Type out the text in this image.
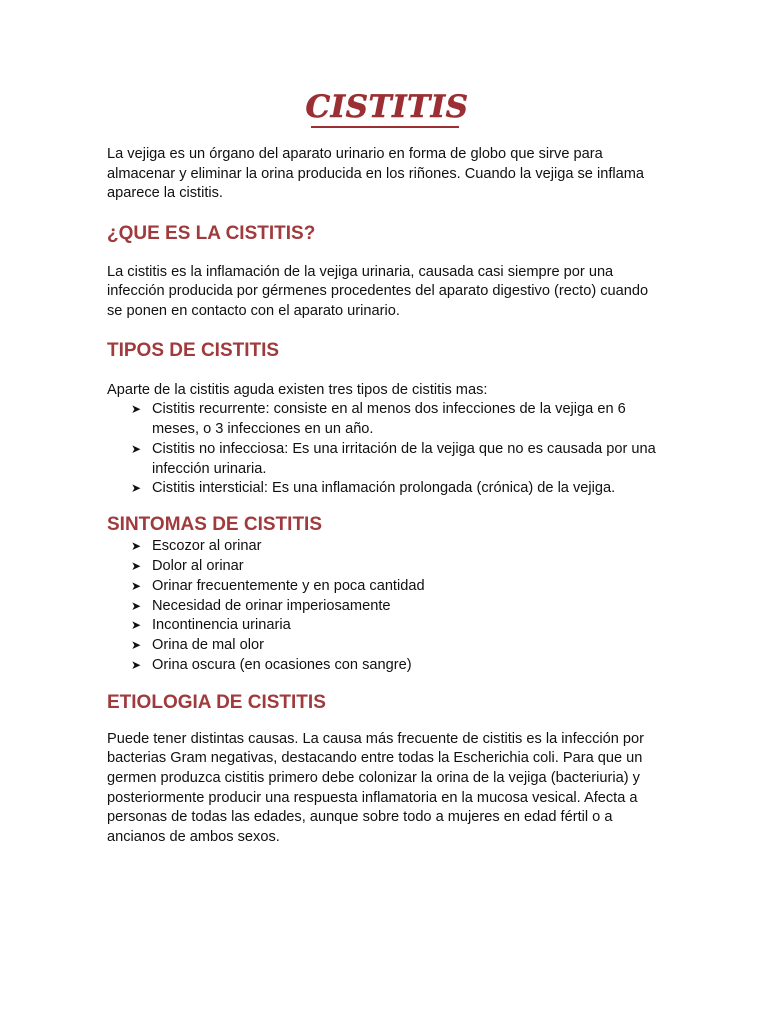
CISTITIS

La vejiga es un órgano del aparato urinario en forma de globo que sirve para almacenar y eliminar la orina producida en los riñones. Cuando la vejiga se inflama aparece la cistitis.

¿QUE ES LA CISTITIS?

La cistitis es la inflamación de la vejiga urinaria, causada casi siempre por una infección producida por gérmenes procedentes del aparato digestivo (recto) cuando se ponen en contacto con el aparato urinario.

TIPOS DE CISTITIS

Aparte de la cistitis aguda existen tres tipos de cistitis mas:

➤ Cistitis recurrente: consiste en al menos dos infecciones de la vejiga en 6 meses, o 3 infecciones en un año.
➤ Cistitis no infecciosa: Es una irritación de la vejiga que no es causada por una infección urinaria.
➤ Cistitis intersticial: Es una inflamación prolongada (crónica) de la vejiga.
SINTOMAS DE CISTITIS
➤ Escozor al orinar
➤ Dolor al orinar
➤ Orinar frecuentemente y en poca cantidad
➤ Necesidad de orinar imperiosamente
➤ Incontinencia urinaria
➤ Orina de mal olor
➤ Orina oscura (en ocasiones con sangre)
ETIOLOGIA DE CISTITIS

Puede tener distintas causas. La causa más frecuente de cistitis es la infección por bacterias Gram negativas, destacando entre todas la Escherichia coli. Para que un germen produzca cistitis primero debe colonizar la orina de la vejiga (bacteriuria) y posteriormente producir una respuesta inflamatoria en la mucosa vesical. Afecta a personas de todas las edades, aunque sobre todo a mujeres en edad fértil o a ancianos de ambos sexos.
